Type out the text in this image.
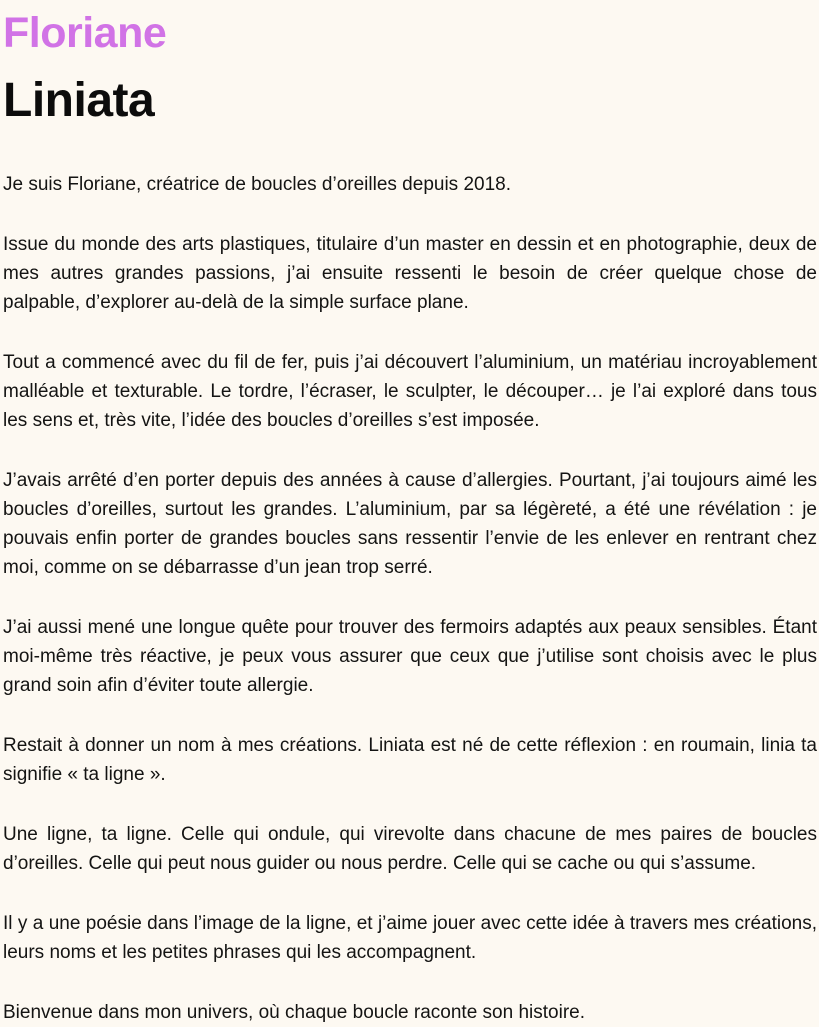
Floriane
Liniata

Je suis Floriane, créatrice de boucles d’oreilles depuis 2018.

Issue du monde des arts plastiques, titulaire d’un master en dessin et en photographie, deux de mes autres grandes passions, j’ai ensuite ressenti le besoin de créer quelque chose de palpable, d’explorer au-delà de la simple surface plane.

Tout a commencé avec du fil de fer, puis j’ai découvert l’aluminium, un matériau incroyablement malléable et texturable. Le tordre, l’écraser, le sculpter, le découper… je l’ai exploré dans tous les sens et, très vite, l’idée des boucles d’oreilles s’est imposée.

J’avais arrêté d’en porter depuis des années à cause d’allergies. Pourtant, j’ai toujours aimé les boucles d’oreilles, surtout les grandes. L’aluminium, par sa légèreté, a été une révélation : je pouvais enfin porter de grandes boucles sans ressentir l’envie de les enlever en rentrant chez moi, comme on se débarrasse d’un jean trop serré.

J’ai aussi mené une longue quête pour trouver des fermoirs adaptés aux peaux sensibles. Étant moi-même très réactive, je peux vous assurer que ceux que j’utilise sont choisis avec le plus grand soin afin d’éviter toute allergie.

Restait à donner un nom à mes créations. Liniata est né de cette réflexion : en roumain, linia ta signifie « ta ligne ».

Une ligne, ta ligne. Celle qui ondule, qui virevolte dans chacune de mes paires de boucles d’oreilles. Celle qui peut nous guider ou nous perdre. Celle qui se cache ou qui s’assume.

Il y a une poésie dans l’image de la ligne, et j’aime jouer avec cette idée à travers mes créations, leurs noms et les petites phrases qui les accompagnent.

Bienvenue dans mon univers, où chaque boucle raconte son histoire.
